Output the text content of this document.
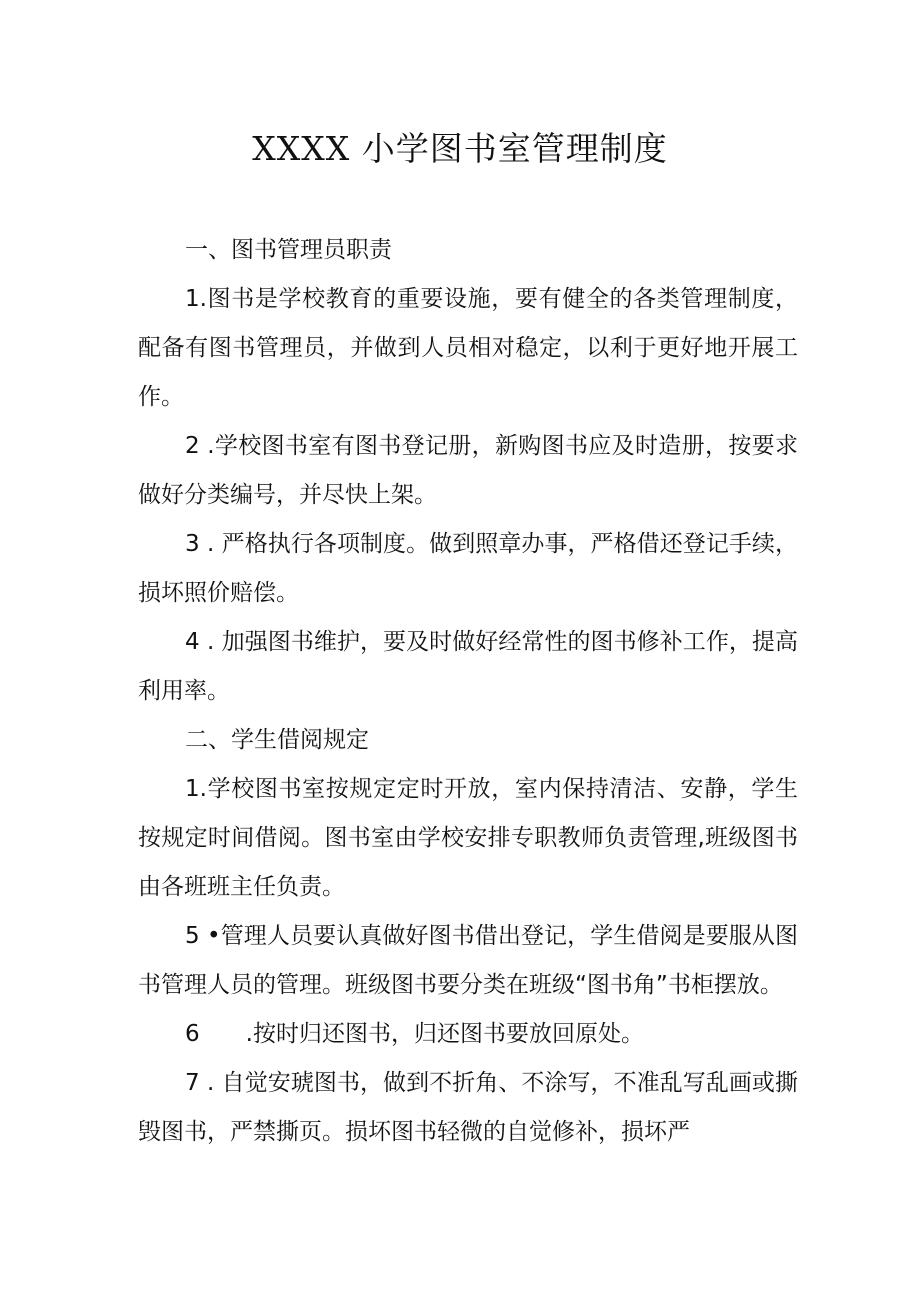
XXXX 小学图书室管理制度

一、图书管理员职责

1.图书是学校教育的重要设施，要有健全的各类管理制度，配备有图书管理员，并做到人员相对稳定，以利于更好地开展工作。

2 .学校图书室有图书登记册，新购图书应及时造册，按要求做好分类编号，并尽快上架。

3 . 严格执行各项制度。做到照章办事，严格借还登记手续，损坏照价赔偿。

4 . 加强图书维护，要及时做好经常性的图书修补工作，提高利用率。

二、学生借阅规定

1.学校图书室按规定定时开放，室内保持清洁、安静，学生按规定时间借阅。图书室由学校安排专职教师负责管理,班级图书由各班班主任负责。

5 •管理人员要认真做好图书借出登记，学生借阅是要服从图书管理人员的管理。班级图书要分类在班级“图书角”书柜摆放。

6　　.按时归还图书，归还图书要放回原处。

7 . 自觉安琥图书，做到不折角、不涂写，不准乱写乱画或撕毁图书，严禁撕页。损坏图书轻微的自觉修补，损坏严
